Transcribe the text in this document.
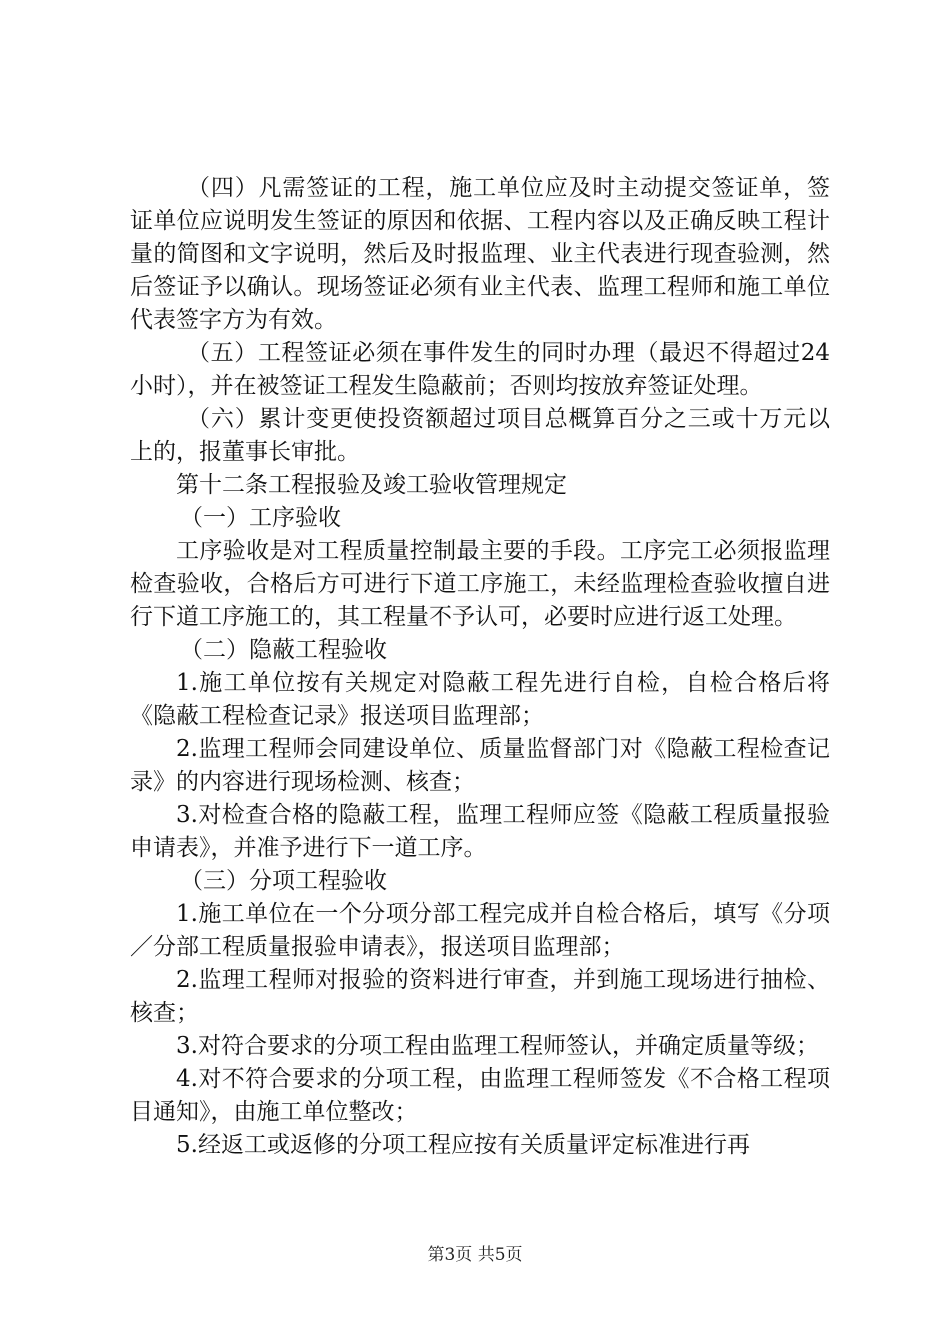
（四）凡需签证的工程，施工单位应及时主动提交签证单，签证单位应说明发生签证的原因和依据、工程内容以及正确反映工程计量的简图和文字说明，然后及时报监理、业主代表进行现查验测，然后签证予以确认。现场签证必须有业主代表、监理工程师和施工单位代表签字方为有效。

（五）工程签证必须在事件发生的同时办理（最迟不得超过24小时），并在被签证工程发生隐蔽前；否则均按放弃签证处理。

（六）累计变更使投资额超过项目总概算百分之三或十万元以上的，报董事长审批。

第十二条工程报验及竣工验收管理规定

（一）工序验收

工序验收是对工程质量控制最主要的手段。工序完工必须报监理检查验收，合格后方可进行下道工序施工，未经监理检查验收擅自进行下道工序施工的，其工程量不予认可，必要时应进行返工处理。

（二）隐蔽工程验收

1.施工单位按有关规定对隐蔽工程先进行自检，自检合格后将《隐蔽工程检查记录》报送项目监理部；

2.监理工程师会同建设单位、质量监督部门对《隐蔽工程检查记录》的内容进行现场检测、核查；

3.对检查合格的隐蔽工程，监理工程师应签《隐蔽工程质量报验申请表》，并准予进行下一道工序。

（三）分项工程验收

1.施工单位在一个分项分部工程完成并自检合格后，填写《分项／分部工程质量报验申请表》，报送项目监理部；

2.监理工程师对报验的资料进行审查，并到施工现场进行抽检、核查；

3.对符合要求的分项工程由监理工程师签认，并确定质量等级；

4.对不符合要求的分项工程，由监理工程师签发《不合格工程项目通知》，由施工单位整改；

5.经返工或返修的分项工程应按有关质量评定标准进行再

第3页 共5页
